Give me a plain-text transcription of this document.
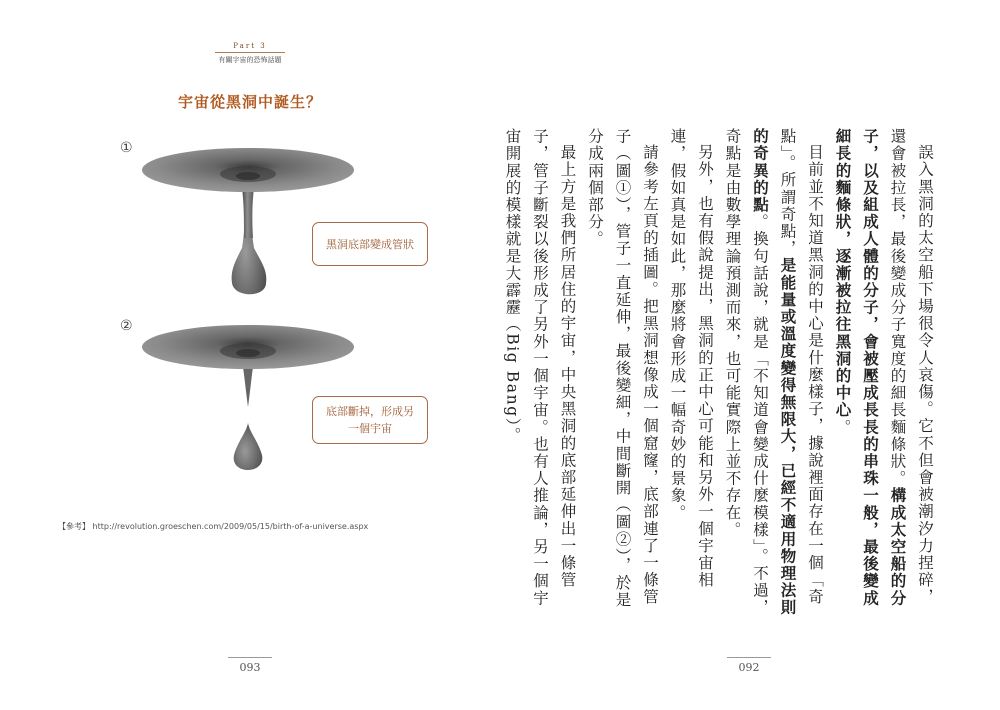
Part 3
有關宇宙的恐怖話題
宇宙從黑洞中誕生？
①
②
黑洞底部變成管狀
底部斷掉，形成另
一個宇宙
【參考】 http://revolution.groeschen.com/2009/05/15/birth-of-a-universe.aspx
093

誤入黑洞的太空船下場很令人哀傷。它不但會被潮汐力捏碎，還會被拉長，最後變成分子寬度的細長麵條狀。構成太空船的分子，以及組成人體的分子，會被壓成長長的串珠一般，最後變成細長的麵條狀，逐漸被拉往黑洞的中心。

目前並不知道黑洞的中心是什麼樣子，據說裡面存在一個「奇點」。所謂奇點，是能量或溫度變得無限大，已經不適用物理法則的奇異的點。換句話說，就是「不知道會變成什麼模樣」。不過，奇點是由數學理論預測而來，也可能實際上並不存在。

另外，也有假說提出，黑洞的正中心可能和另外一個宇宙相連，假如真是如此，那麼將會形成一幅奇妙的景象。

請參考左頁的插圖。把黑洞想像成一個窟窿，底部連了一條管子（圖①），管子一直延伸，最後變細，中間斷開（圖②），於是分成兩個部分。

最上方是我們所居住的宇宙，中央黑洞的底部延伸出一條管子，管子斷裂以後形成了另外一個宇宙。也有人推論，另一個宇宙開展的模樣就是大霹靂（Big Bang）。

092
